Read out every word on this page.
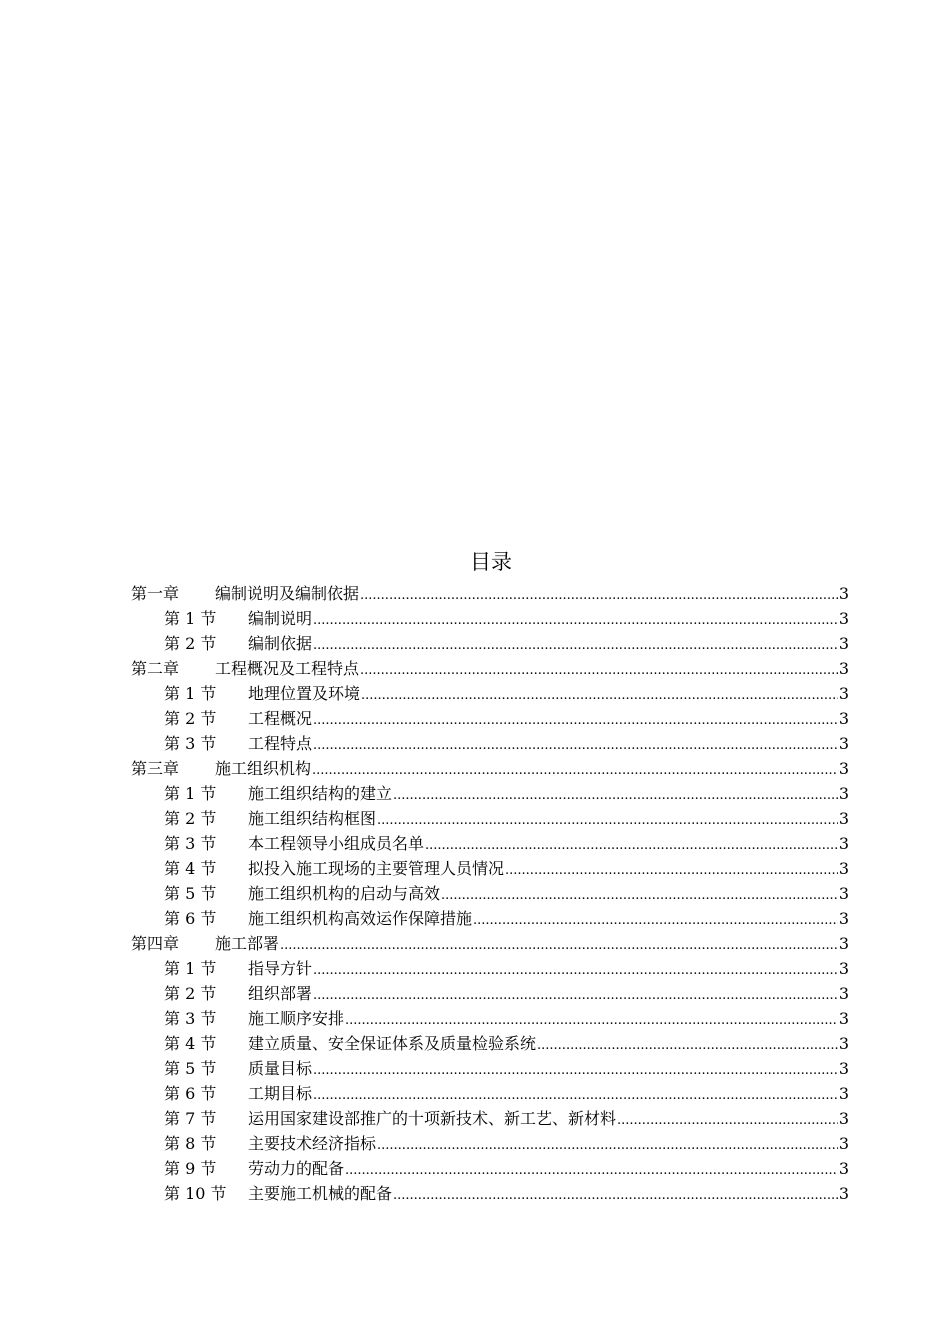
目录
第一章	编制说明及编制依据 .....	3
第 1 节	编制说明 .....	3
第 2 节	编制依据 .....	3
第二章	工程概况及工程特点 .....	3
第 1 节	地理位置及环境 .....	3
第 2 节	工程概况 .....	3
第 3 节	工程特点 .....	3
第三章	施工组织机构 .....	3
第 1 节	施工组织结构的建立 .....	3
第 2 节	施工组织结构框图 .....	3
第 3 节	本工程领导小组成员名单 .....	3
第 4 节	拟投入施工现场的主要管理人员情况 .....	3
第 5 节	施工组织机构的启动与高效 .....	3
第 6 节	施工组织机构高效运作保障措施 .....	3
第四章	施工部署 .....	3
第 1 节	指导方针 .....	3
第 2 节	组织部署 .....	3
第 3 节	施工顺序安排 .....	3
第 4 节	建立质量、安全保证体系及质量检验系统 .....	3
第 5 节	质量目标 .....	3
第 6 节	工期目标 .....	3
第 7 节	运用国家建设部推广的十项新技术、新工艺、新材料 .....	3
第 8 节	主要技术经济指标 .....	3
第 9 节	劳动力的配备 .....	3
第 10 节	主要施工机械的配备 .....	3
